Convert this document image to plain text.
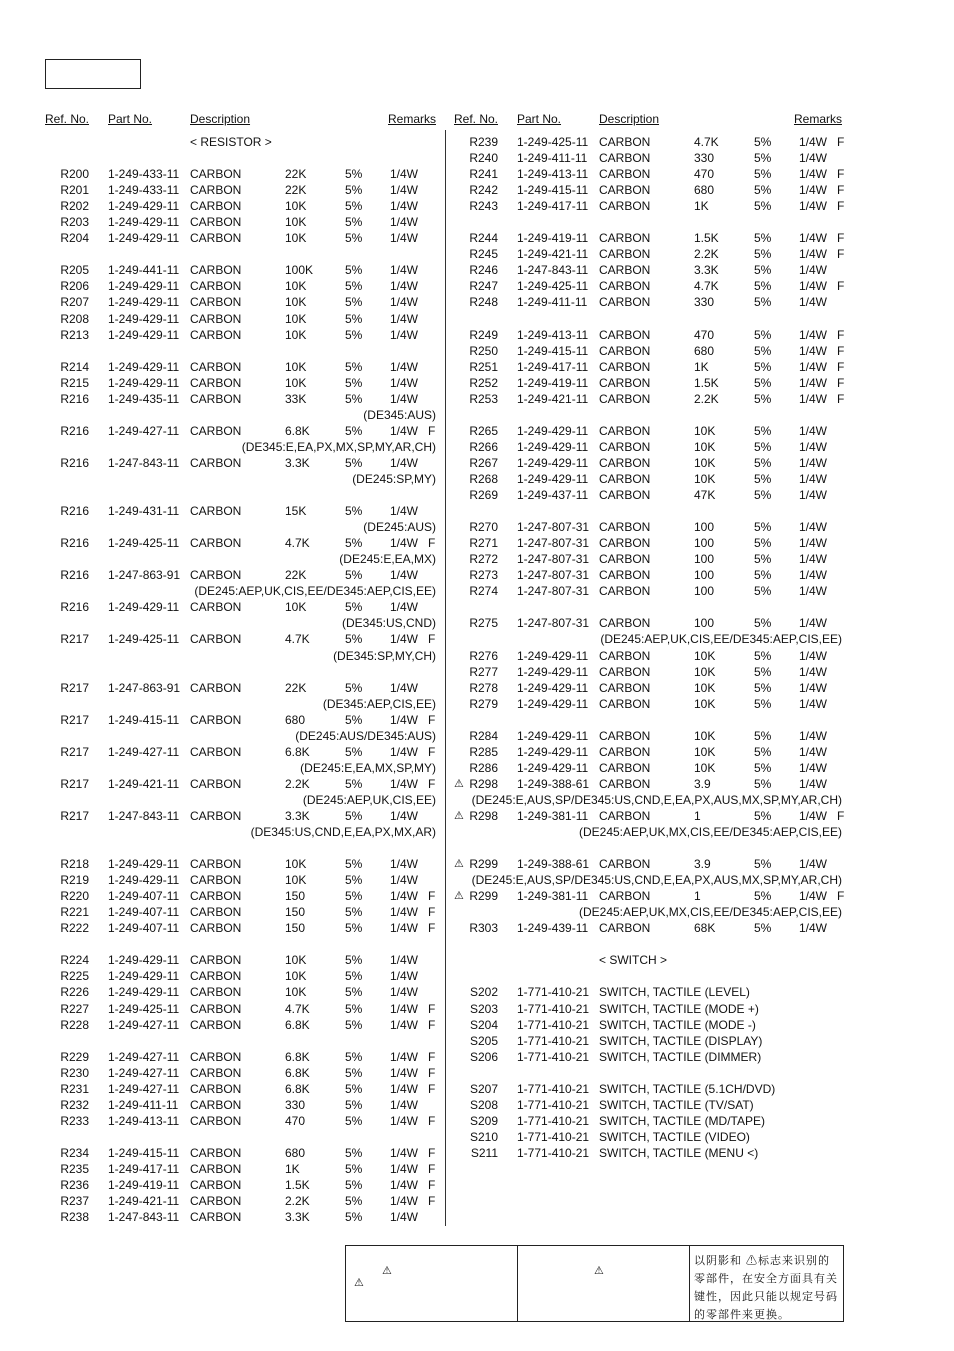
Ref. No. Part No.	Description	Remarks
< RESISTOR >
R200 1-249-433-11 CARBON	22K	5% 1/4W
R201 1-249-433-11 CARBON	22K	5% 1/4W
R202 1-249-429-11 CARBON	10K	5% 1/4W
R203 1-249-429-11 CARBON	10K	5% 1/4W
R204 1-249-429-11 CARBON	10K	5% 1/4W
R205 1-249-441-11 CARBON	100K	5% 1/4W
R206 1-249-429-11 CARBON	10K	5% 1/4W
R207 1-249-429-11 CARBON	10K	5% 1/4W
R208 1-249-429-11 CARBON	10K	5% 1/4W
R213 1-249-429-11 CARBON	10K	5% 1/4W
R214 1-249-429-11 CARBON	10K	5% 1/4W
R215 1-249-429-11 CARBON	10K	5% 1/4W
R216 1-249-435-11 CARBON	33K	5% 1/4W
(DE345:AUS)
R216 1-249-427-11 CARBON	6.8K	5% 1/4W F
(DE345:E,EA,PX,MX,SP,MY,AR,CH)
R216 1-247-843-11 CARBON	3.3K	5% 1/4W
(DE245:SP,MY)
R216 1-249-431-11 CARBON	15K	5% 1/4W
(DE245:AUS)
R216 1-249-425-11 CARBON	4.7K	5% 1/4W F
(DE245:E,EA,MX)
R216 1-247-863-91 CARBON	22K	5% 1/4W
(DE245:AEP,UK,CIS,EE/DE345:AEP,CIS,EE)
R216 1-249-429-11 CARBON	10K	5% 1/4W
(DE345:US,CND)
R217 1-249-425-11 CARBON	4.7K	5% 1/4W F
(DE345:SP,MY,CH)
R217 1-247-863-91 CARBON	22K	5% 1/4W
(DE345:AEP,CIS,EE)
R217 1-249-415-11 CARBON	680	5% 1/4W F
(DE245:AUS/DE345:AUS)
R217 1-249-427-11 CARBON	6.8K	5% 1/4W F
(DE245:E,EA,MX,SP,MY)
R217 1-249-421-11 CARBON	2.2K	5% 1/4W F
(DE245:AEP,UK,CIS,EE)
R217 1-247-843-11 CARBON	3.3K	5% 1/4W
(DE345:US,CND,E,EA,PX,MX,AR)
R218 1-249-429-11 CARBON	10K	5% 1/4W
R219 1-249-429-11 CARBON	10K	5% 1/4W
R220 1-249-407-11 CARBON	150	5% 1/4W F
R221 1-249-407-11 CARBON	150	5% 1/4W F
R222 1-249-407-11 CARBON	150	5% 1/4W F
R224 1-249-429-11 CARBON	10K	5% 1/4W
R225 1-249-429-11 CARBON	10K	5% 1/4W
R226 1-249-429-11 CARBON	10K	5% 1/4W
R227 1-249-425-11 CARBON	4.7K	5% 1/4W F
R228 1-249-427-11 CARBON	6.8K	5% 1/4W F
R229 1-249-427-11 CARBON	6.8K	5% 1/4W F
R230 1-249-427-11 CARBON	6.8K	5% 1/4W F
R231 1-249-427-11 CARBON	6.8K	5% 1/4W F
R232 1-249-411-11 CARBON	330	5% 1/4W
R233 1-249-413-11 CARBON	470	5% 1/4W F
R234 1-249-415-11 CARBON	680	5% 1/4W F
R235 1-249-417-11 CARBON	1K	5% 1/4W F
R236 1-249-419-11 CARBON	1.5K	5% 1/4W F
R237 1-249-421-11 CARBON	2.2K	5% 1/4W F
R238 1-247-843-11 CARBON	3.3K	5% 1/4W
Ref. No. Part No.	Description	Remarks
R239 1-249-425-11 CARBON	4.7K	5% 1/4W F
R240 1-249-411-11 CARBON	330	5% 1/4W
R241 1-249-413-11 CARBON	470	5% 1/4W F
R242 1-249-415-11 CARBON	680	5% 1/4W F
R243 1-249-417-11 CARBON	1K	5% 1/4W F
R244 1-249-419-11 CARBON	1.5K	5% 1/4W F
R245 1-249-421-11 CARBON	2.2K	5% 1/4W F
R246 1-247-843-11 CARBON	3.3K	5% 1/4W
R247 1-249-425-11 CARBON	4.7K	5% 1/4W F
R248 1-249-411-11 CARBON	330	5% 1/4W
R249 1-249-413-11 CARBON	470	5% 1/4W F
R250 1-249-415-11 CARBON	680	5% 1/4W F
R251 1-249-417-11 CARBON	1K	5% 1/4W F
R252 1-249-419-11 CARBON	1.5K	5% 1/4W F
R253 1-249-421-11 CARBON	2.2K	5% 1/4W F
R265 1-249-429-11 CARBON	10K	5% 1/4W
R266 1-249-429-11 CARBON	10K	5% 1/4W
R267 1-249-429-11 CARBON	10K	5% 1/4W
R268 1-249-429-11 CARBON	10K	5% 1/4W
R269 1-249-437-11 CARBON	47K	5% 1/4W
R270 1-247-807-31 CARBON	100	5% 1/4W
R271 1-247-807-31 CARBON	100	5% 1/4W
R272 1-247-807-31 CARBON	100	5% 1/4W
R273 1-247-807-31 CARBON	100	5% 1/4W
R274 1-247-807-31 CARBON	100	5% 1/4W
R275 1-247-807-31 CARBON	100	5% 1/4W
(DE245:AEP,UK,CIS,EE/DE345:AEP,CIS,EE)
R276 1-249-429-11 CARBON	10K	5% 1/4W
R277 1-249-429-11 CARBON	10K	5% 1/4W
R278 1-249-429-11 CARBON	10K	5% 1/4W
R279 1-249-429-11 CARBON	10K	5% 1/4W
R284 1-249-429-11 CARBON	10K	5% 1/4W
R285 1-249-429-11 CARBON	10K	5% 1/4W
R286 1-249-429-11 CARBON	10K	5% 1/4W
⚠ R298 1-249-388-61 CARBON	3.9	5% 1/4W
(DE245:E,AUS,SP/DE345:US,CND,E,EA,PX,AUS,MX,SP,MY,AR,CH)
⚠ R298 1-249-381-11 CARBON	1	5% 1/4W F
(DE245:AEP,UK,MX,CIS,EE/DE345:AEP,CIS,EE)
⚠ R299 1-249-388-61 CARBON	3.9	5% 1/4W
(DE245:E,AUS,SP/DE345:US,CND,E,EA,PX,AUS,MX,SP,MY,AR,CH)
⚠ R299 1-249-381-11 CARBON	1	5% 1/4W F
(DE245:AEP,UK,MX,CIS,EE/DE345:AEP,CIS,EE)
R303 1-249-439-11 CARBON	68K	5% 1/4W
< SWITCH >
S202 1-771-410-21 SWITCH, TACTILE (LEVEL)
S203 1-771-410-21 SWITCH, TACTILE (MODE +)
S204 1-771-410-21 SWITCH, TACTILE (MODE -)
S205 1-771-410-21 SWITCH, TACTILE (DISPLAY)
S206 1-771-410-21 SWITCH, TACTILE (DIMMER)
S207 1-771-410-21 SWITCH, TACTILE (5.1CH/DVD)
S208 1-771-410-21 SWITCH, TACTILE (TV/SAT)
S209 1-771-410-21 SWITCH, TACTILE (MD/TAPE)
S210 1-771-410-21 SWITCH, TACTILE (VIDEO)
S211 1-771-410-21 SWITCH, TACTILE (MENU <)
⚠
⚠
⚠
以阴影和 ⚠标志来识别的零部件，在安全方面具有关键性，因此只能以规定号码的零部件来更换。
